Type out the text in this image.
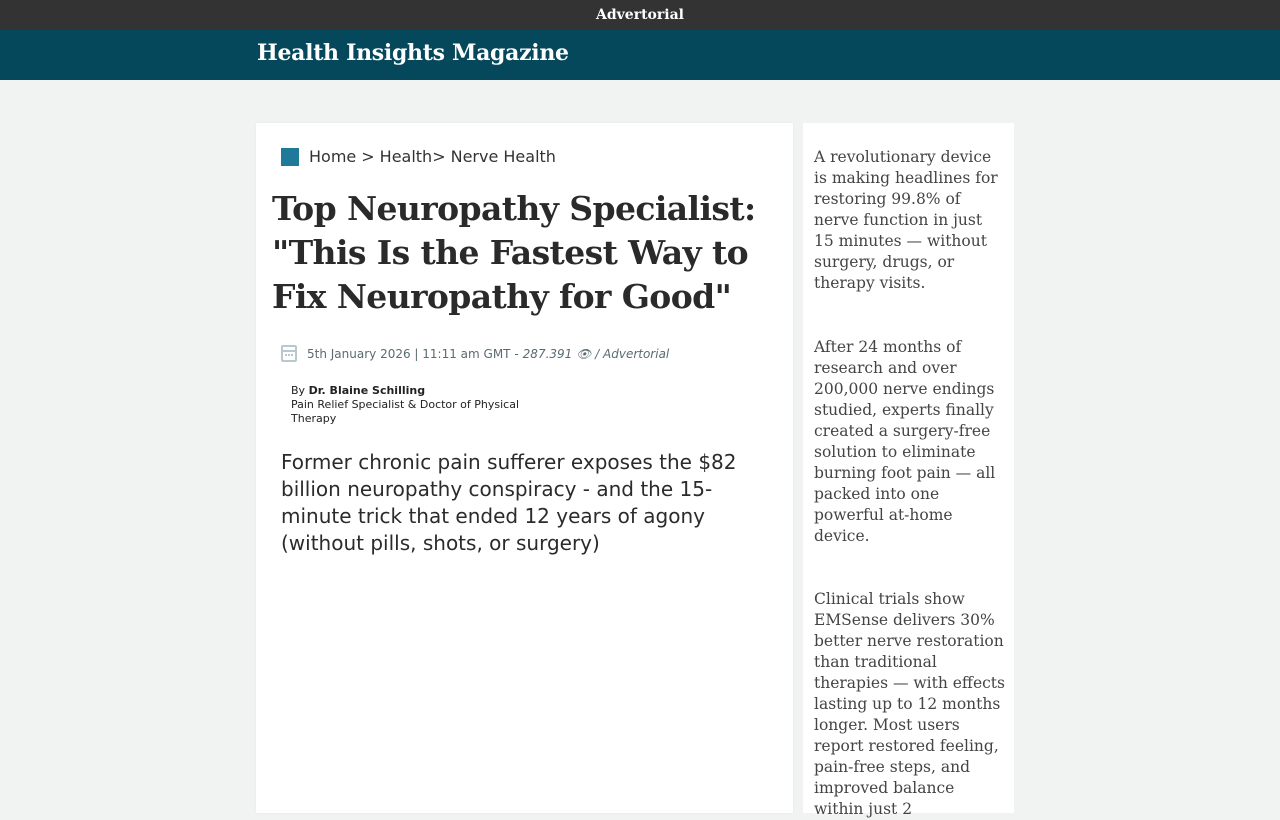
Advertorial
Health Insights Magazine
Home > Health> Nerve Health
Top Neuropathy Specialist: "This Is the Fastest Way to Fix Neuropathy for Good"
5th January 2026 | 11:11 am GMT - 287.391 👁 / Advertorial
By Dr. Blaine Schilling
Pain Relief Specialist & Doctor of Physical Therapy

Former chronic pain sufferer exposes the $82 billion neuropathy conspiracy - and the 15-minute trick that ended 12 years of agony (without pills, shots, or surgery)

A revolutionary device is making headlines for restoring 99.8% of nerve function in just 15 minutes — without surgery, drugs, or therapy visits.

After 24 months of research and over 200,000 nerve endings studied, experts finally created a surgery-free solution to eliminate burning foot pain — all packed into one powerful at-home device.

Clinical trials show EMSense delivers 30% better nerve restoration than traditional therapies — with effects lasting up to 12 months longer. Most users report restored feeling, pain-free steps, and improved balance within just 2
